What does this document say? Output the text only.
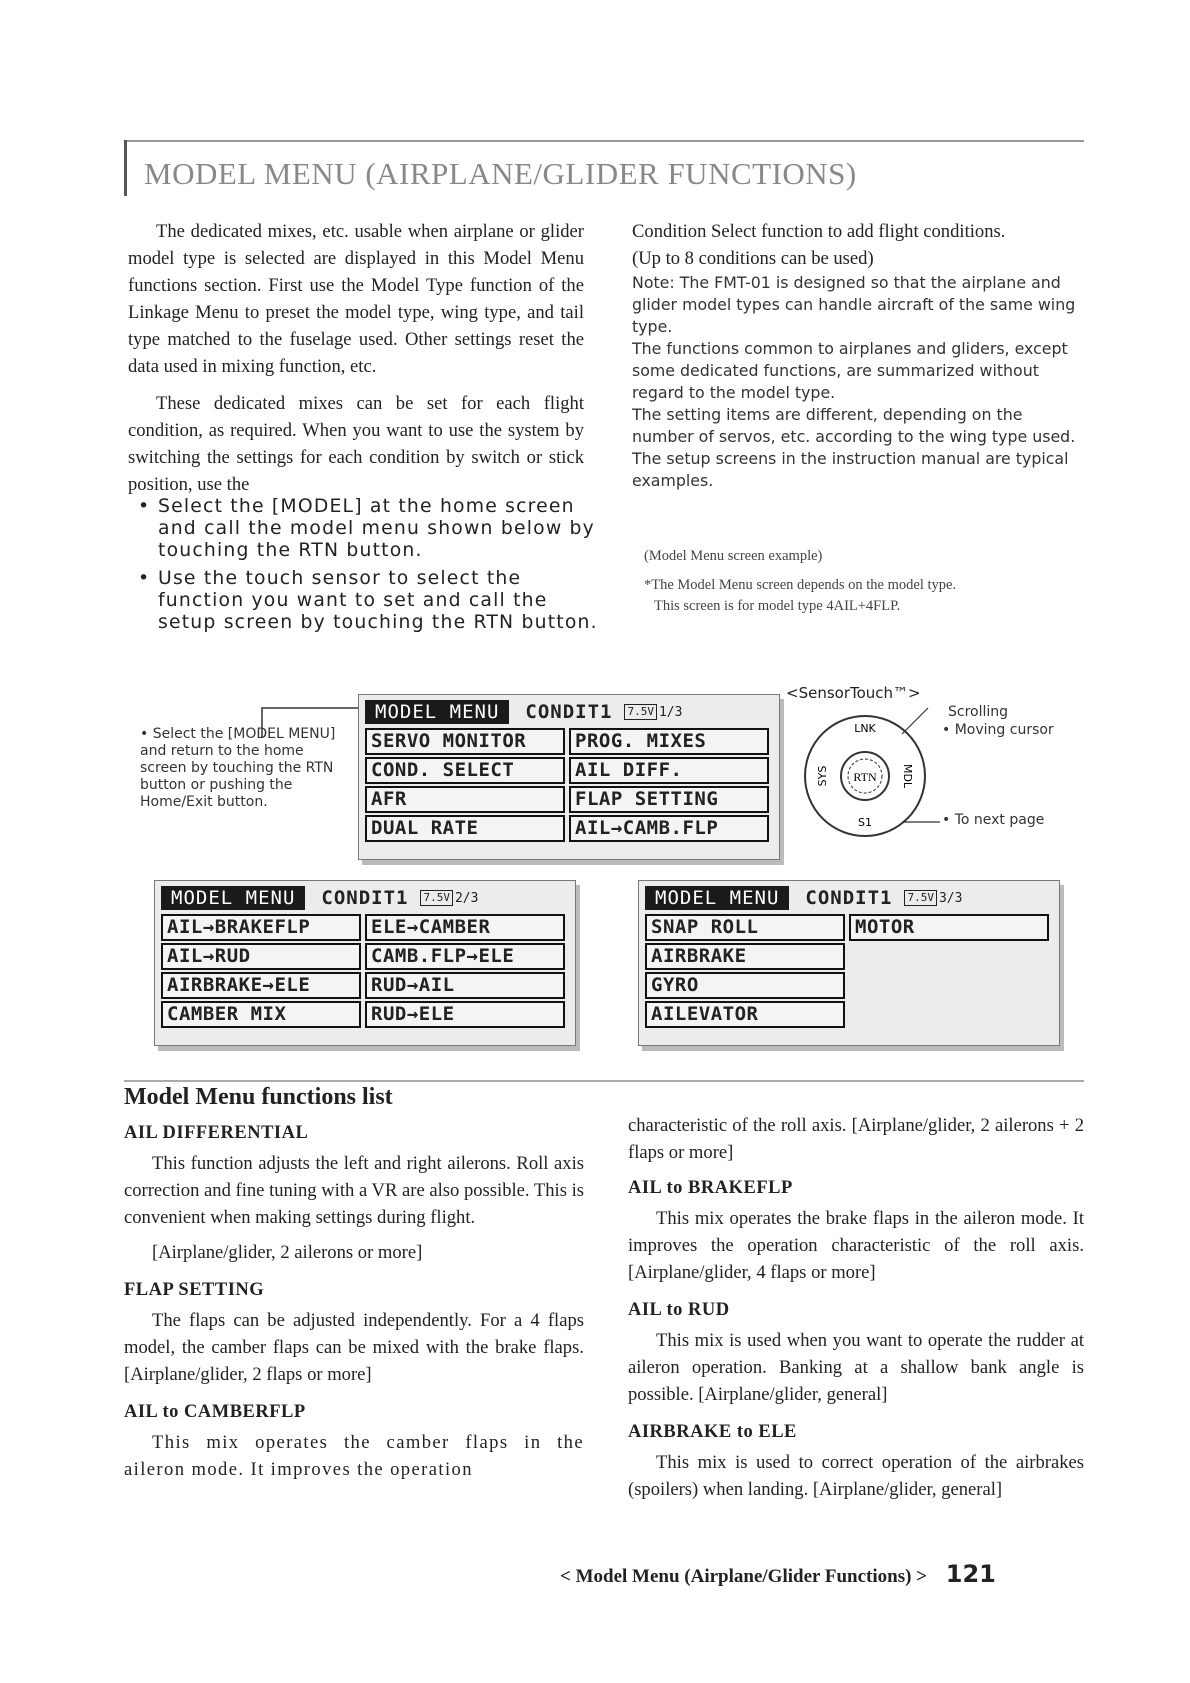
MODEL MENU (AIRPLANE/GLIDER FUNCTIONS)

The dedicated mixes, etc. usable when airplane or glider model type is selected are displayed in this Model Menu functions section. First use the Model Type function of the Linkage Menu to preset the model type, wing type, and tail type matched to the fuselage used. Other settings reset the data used in mixing function, etc.

These dedicated mixes can be set for each flight condition, as required. When you want to use the system by switching the settings for each condition by switch or stick position, use the

• Select the [MODEL] at the home screen and call the model menu shown below by touching the RTN button.
• Use the touch sensor to select the function you want to set and call the setup screen by touching the RTN button.
Condition Select function to add flight conditions.
(Up to 8 conditions can be used)
Note: The FMT-01 is designed so that the airplane and glider model types can handle aircraft of the same wing type.
The functions common to airplanes and gliders, except some dedicated functions, are summarized without regard to the model type.
The setting items are different, depending on the number of servos, etc. according to the wing type used. The setup screens in the instruction manual are typical examples.
(Model Menu screen example)
*The Model Menu screen depends on the model type.
This screen is for model type 4AIL+4FLP.
• Select the [MODEL MENU] and return to the home screen by touching the RTN button or pushing the Home/Exit button.
MODEL MENU	CONDIT1 7.5V 1/3
SERVO MONITOR	PROG. MIXES
COND. SELECT	AIL DIFF.
AFR	FLAP SETTING
DUAL RATE	AIL→CAMB.FLP
<SensorTouch™>
RTN
LNK
S1
SYS	MDL
Scrolling
• Moving cursor
• To next page
MODEL MENU	CONDIT1 7.5V 2/3
AIL→BRAKEFLP	ELE→CAMBER
AIL→RUD	CAMB.FLP→ELE
AIRBRAKE→ELE	RUD→AIL
CAMBER MIX	RUD→ELE
MODEL MENU	CONDIT1 7.5V 3/3
SNAP ROLL	MOTOR
AIRBRAKE
GYRO
AILEVATOR
Model Menu functions list
AIL DIFFERENTIAL

This function adjusts the left and right ailerons. Roll axis correction and fine tuning with a VR are also possible. This is convenient when making settings during flight.

[Airplane/glider, 2 ailerons or more]

FLAP SETTING

The flaps can be adjusted independently. For a 4 flaps model, the camber flaps can be mixed with the brake flaps. [Airplane/glider, 2 flaps or more]

AIL to CAMBERFLP

This mix operates the camber flaps in the aileron mode. It improves the operation

characteristic of the roll axis. [Airplane/glider, 2 ailerons + 2 flaps or more]

AIL to BRAKEFLP

This mix operates the brake flaps in the aileron mode. It improves the operation characteristic of the roll axis. [Airplane/glider, 4 flaps or more]

AIL to RUD

This mix is used when you want to operate the rudder at aileron operation. Banking at a shallow bank angle is possible. [Airplane/glider, general]

AIRBRAKE to ELE

This mix is used to correct operation of the airbrakes (spoilers) when landing. [Airplane/glider, general]

< Model Menu (Airplane/Glider Functions) > 121
